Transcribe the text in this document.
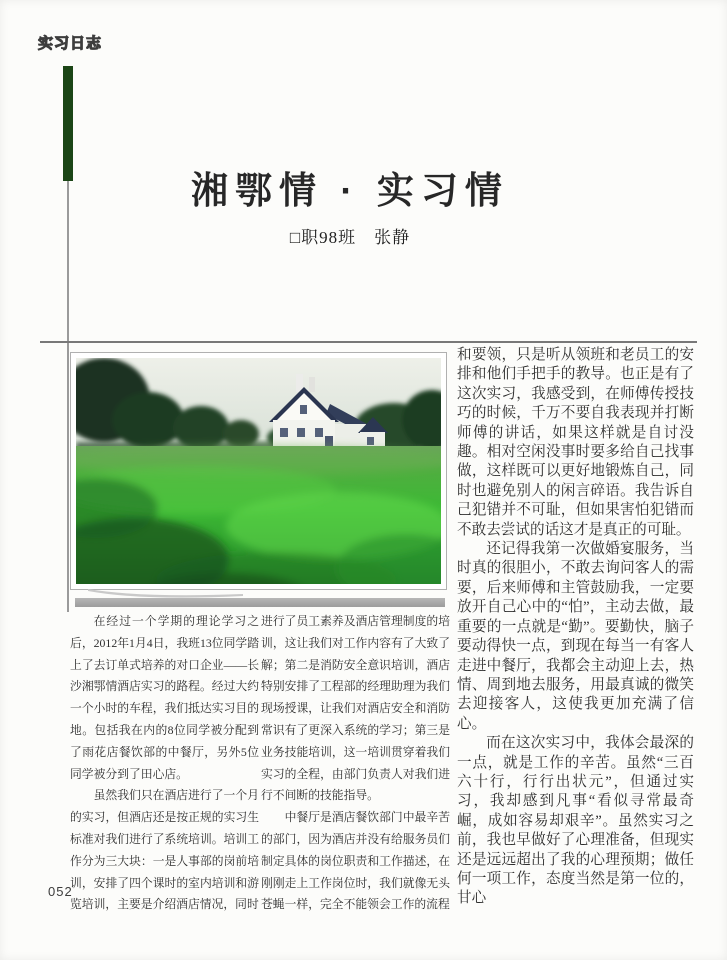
实习日志
湘鄂情 · 实习情
□职98班　张静

在经过一个学期的理论学习之后，2012年1月4日，我班13位同学踏上了去订单式培养的对口企业——长沙湘鄂情酒店实习的路程。经过大约一个小时的车程，我们抵达实习目的地。包括我在内的8位同学被分配到了雨花店餐饮部的中餐厅，另外5位同学被分到了田心店。

虽然我们只在酒店进行了一个月的实习，但酒店还是按正规的实习生标准对我们进行了系统培训。培训工作分为三大块：一是人事部的岗前培训，安排了四个课时的室内培训和游览培训，主要是介绍酒店情况，同时

进行了员工素养及酒店管理制度的培训，这让我们对工作内容有了大致了解；第二是消防安全意识培训，酒店特别安排了工程部的经理助理为我们现场授课，让我们对酒店安全和消防常识有了更深入系统的学习；第三是业务技能培训，这一培训贯穿着我们实习的全程，由部门负责人对我们进行不间断的技能指导。

中餐厅是酒店餐饮部门中最辛苦的部门，因为酒店并没有给服务员们制定具体的岗位职责和工作描述，在刚刚走上工作岗位时，我们就像无头苍蝇一样，完全不能领会工作的流程

和要领，只是听从领班和老员工的安排和他们手把手的教导。也正是有了这次实习，我感受到，在师傅传授技巧的时候，千万不要自我表现并打断师傅的讲话，如果这样就是自讨没趣。相对空闲没事时要多给自己找事做，这样既可以更好地锻炼自己，同时也避免别人的闲言碎语。我告诉自己犯错并不可耻，但如果害怕犯错而不敢去尝试的话这才是真正的可耻。

还记得我第一次做婚宴服务，当时真的很胆小，不敢去询问客人的需要，后来师傅和主管鼓励我，一定要放开自己心中的“怕”，主动去做，最重要的一点就是“勤”。要勤快，脑子要动得快一点，到现在每当一有客人走进中餐厅，我都会主动迎上去，热情、周到地去服务，用最真诚的微笑去迎接客人，这使我更加充满了信心。

而在这次实习中，我体会最深的一点，就是工作的辛苦。虽然“三百六十行，行行出状元”，但通过实习，我却感到凡事“看似寻常最奇崛，成如容易却艰辛”。虽然实习之前，我也早做好了心理准备，但现实还是远远超出了我的心理预期；做任何一项工作，态度当然是第一位的，甘心

052
